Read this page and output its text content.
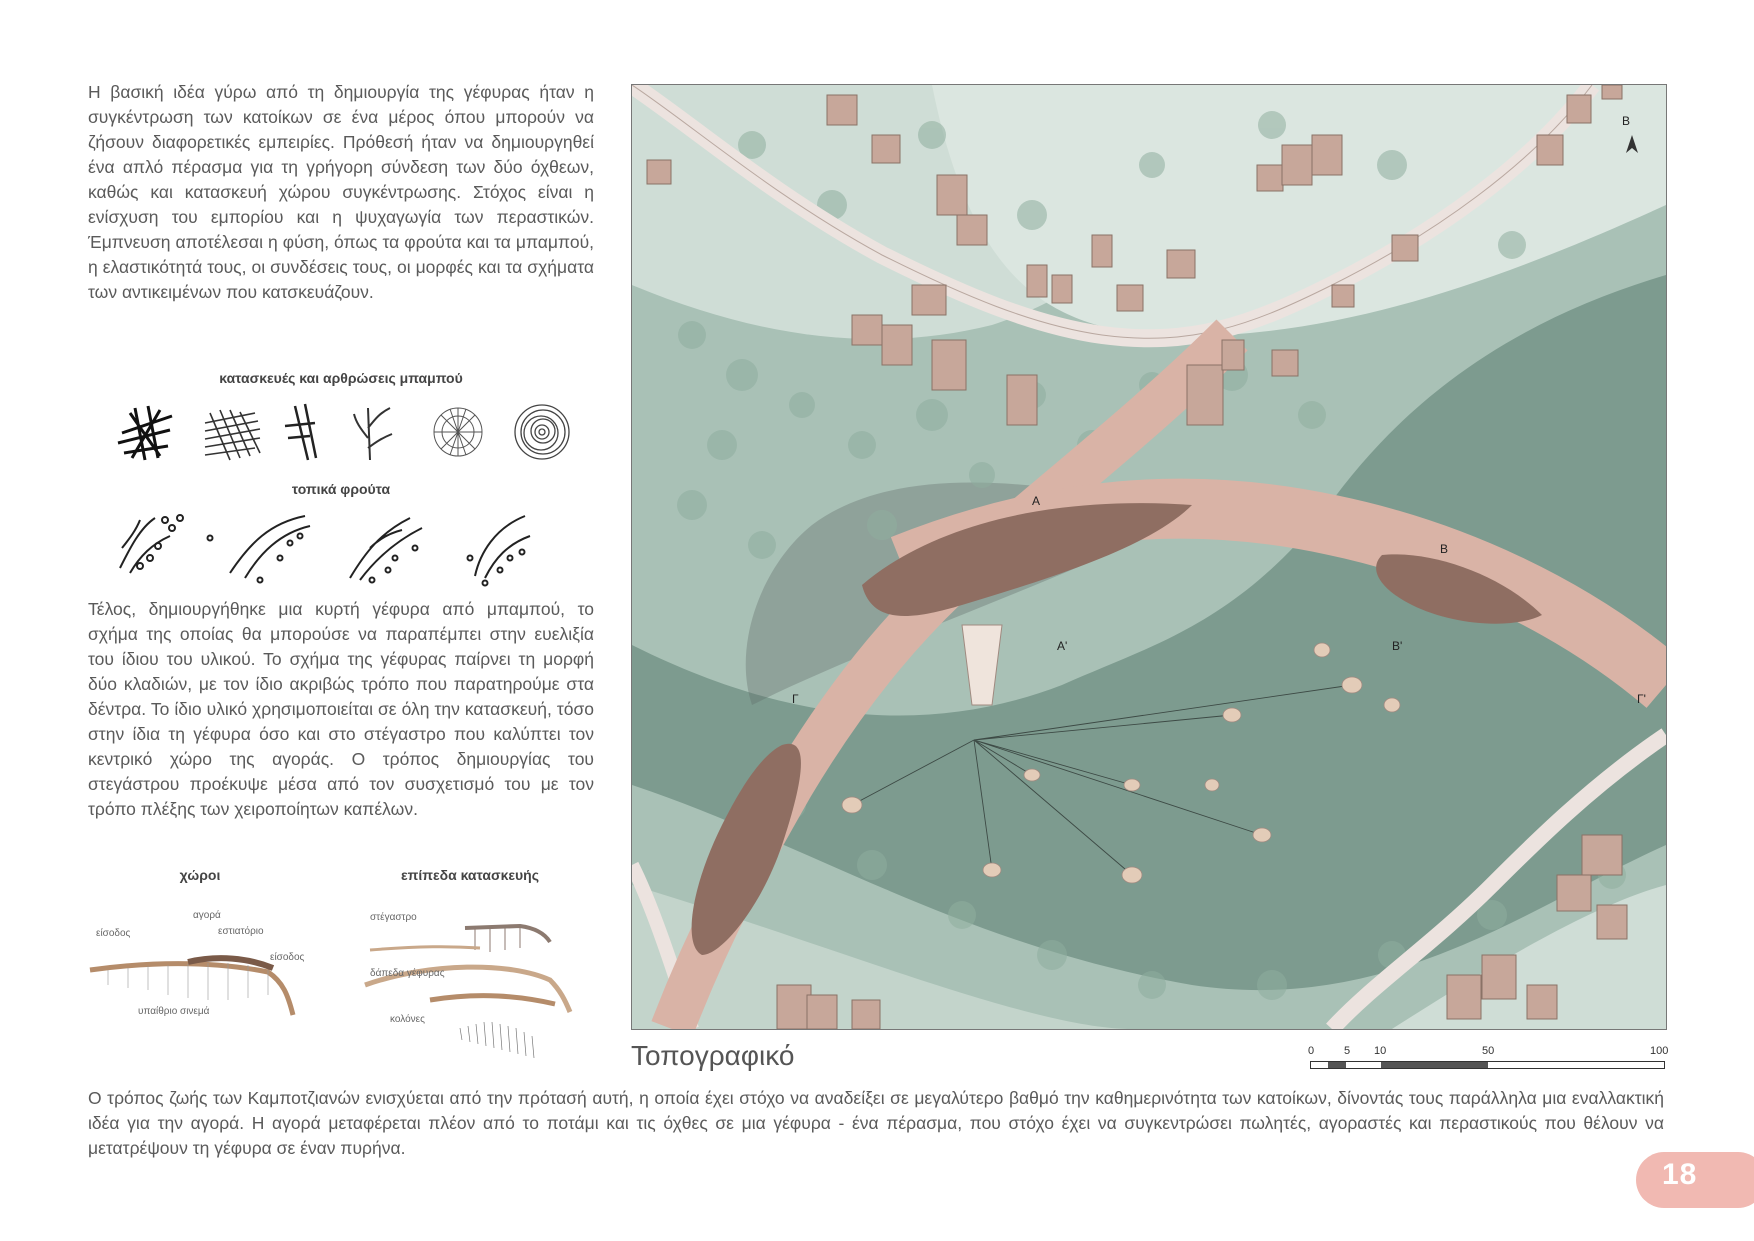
Η βασική ιδέα γύρω από τη δημιουργία της γέφυρας ήταν η συγκέντρωση των κατοίκων σε ένα μέρος όπου μπορούν να ζήσουν διαφορετικές εμπειρίες. Πρόθεσή ήταν να δημιουργηθεί ένα απλό πέρασμα για τη γρήγορη σύνδεση των δύο όχθεων, καθώς και κατασκευή χώρου συγκέντρωσης. Στόχος είναι η ενίσχυση του εμπορίου και η ψυχαγωγία των περαστικών. Έμπνευση αποτέλεσαι η φύση, όπως τα φρούτα και τα μπαμπού, η ελαστικότητά τους, οι συνδέσεις τους, οι μορφές και τα σχήματα των αντικειμένων που κατσκευάζουν.

κατασκευές και αρθρώσεις μπαμπού
τοπικά φρούτα

Τέλος, δημιουργήθηκε μια κυρτή γέφυρα από μπαμπού, το σχήμα της οποίας θα μπορούσε να παραπέμπει στην ευελιξία του ίδιου του υλικού. Το σχήμα της γέφυρας παίρνει τη μορφή δύο κλαδιών, με τον ίδιο ακριβώς τρόπο που παρατηρούμε στα δέντρα. Το ίδιο υλικό χρησιμοποιείται σε όλη την κατασκευή, τόσο στην ίδια τη γέφυρα όσο και στο στέγαστρο που καλύπτει τον κεντρικό χώρο της αγοράς. Ο τρόπος δημιουργίας του στεγάστρου προέκυψε μέσα από τον συσχετισμό του με τον τρόπο πλέξης των χειροποίητων καπέλων.

χώροι	επίπεδα κατασκευής
είσοδος
αγορά
εστιατόριο
είσοδος
υπαίθριο σινεμά
στέγαστρο
δάπεδα γέφυρας
κολόνες
A
A'
B
B'
Γ	Γ'
B
Τοπογραφικό	0	5 10	50	100

Ο τρόπος ζωής των Καμποτζιανών ενισχύεται από την πρότασή αυτή, η οποία έχει στόχο να αναδείξει σε μεγαλύτερο βαθμό την καθημερινότητα των κατοίκων, δίνοντάς τους παράλληλα μια εναλλακτική ιδέα για την αγορά. Η αγορά μεταφέρεται πλέον από το ποτάμι και τις όχθες σε μια γέφυρα - ένα πέρασμα, που στόχο έχει να συγκεντρώσει πωλητές, αγοραστές και περαστικούς που θέλουν να μετατρέψουν τη γέφυρα σε έναν πυρήνα.

18
